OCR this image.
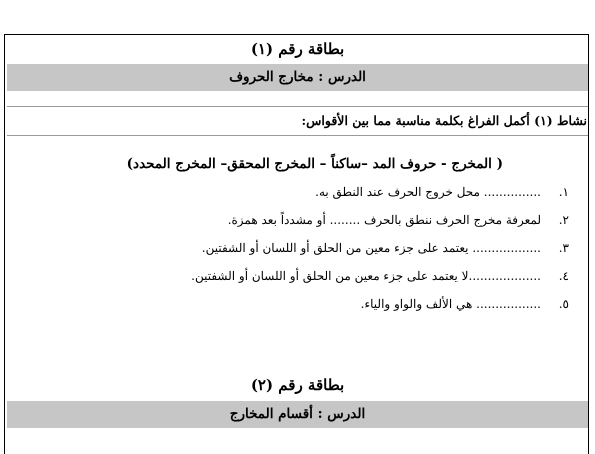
بطاقة رقم (١)
الدرس : مخارج الحروف
نشاط (١) أكمل الفراغ بكلمة مناسبة مما بين الأقواس:
( المخرج - حروف المد –ساكناً – المخرج المحقق– المخرج المحدد)
١.
............... محل خروج الحرف عند النطق به.
٢.
لمعرفة مخرج الحرف ننطق بالحرف ........ أو مشدداً بعد همزة.
٣.
.................. يعتمد على جزء معين من الحلق أو اللسان أو الشفتين.
٤.
...................لا يعتمد على جزء معين من الحلق أو اللسان أو الشفتين.
٥.
................. هي الألف والواو والياء.
بطاقة رقم (٢)
الدرس : أقسام المخارج
